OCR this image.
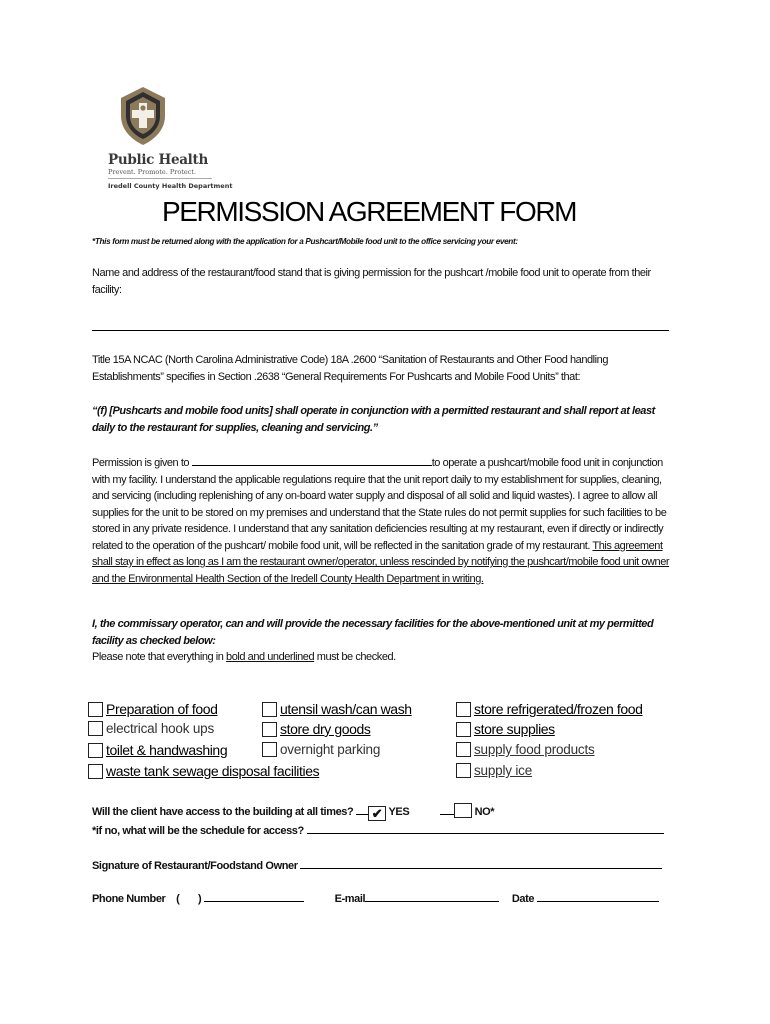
Public Health
Prevent. Promote. Protect.
Iredell County Health Department
PERMISSION AGREEMENT FORM
*This form must be returned along with the application for a Pushcart/Mobile food unit to the office servicing your event:
Name and address of the restaurant/food stand that is giving permission for the pushcart /mobile food unit to operate from their facility:
Title 15A NCAC (North Carolina Administrative Code) 18A .2600 “Sanitation of Restaurants and Other Food handling Establishments” specifies in Section .2638 “General Requirements For Pushcarts and Mobile Food Units” that:
“(f) [Pushcarts and mobile food units] shall operate in conjunction with a permitted restaurant and shall report at least daily to the restaurant for supplies, cleaning and servicing.”
Permission is given to	to operate a pushcart/mobile food unit in conjunction with my facility. I understand the applicable regulations require that the unit report daily to my establishment for supplies, cleaning, and servicing (including replenishing of any on-board water supply and disposal of all solid and liquid wastes). I agree to allow all supplies for the unit to be stored on my premises and understand that the State rules do not permit supplies for such facilities to be stored in any private residence. I understand that any sanitation deficiencies resulting at my restaurant, even if directly or indirectly related to the operation of the pushcart/ mobile food unit, will be reflected in the sanitation grade of my restaurant. This agreement shall stay in effect as long as I am the restaurant owner/operator, unless rescinded by notifying the pushcart/mobile food unit owner and the Environmental Health Section of the Iredell County Health Department in writing.
I, the commissary operator, can and will provide the necessary facilities for the above-mentioned unit at my permitted facility as checked below:
Please note that everything in bold and underlined must be checked.
Preparation of food
electrical hook ups
toilet & handwashing
waste tank sewage disposal facilities
utensil wash/can wash
store dry goods
overnight parking
store refrigerated/frozen food
store supplies
supply food products
supply ice
Will the client have access to the building at all times? ✔ YES	NO*
*if no, what will be the schedule for access?
Signature of Restaurant/Foodstand Owner
Phone Number ( )	E-mail	Date
